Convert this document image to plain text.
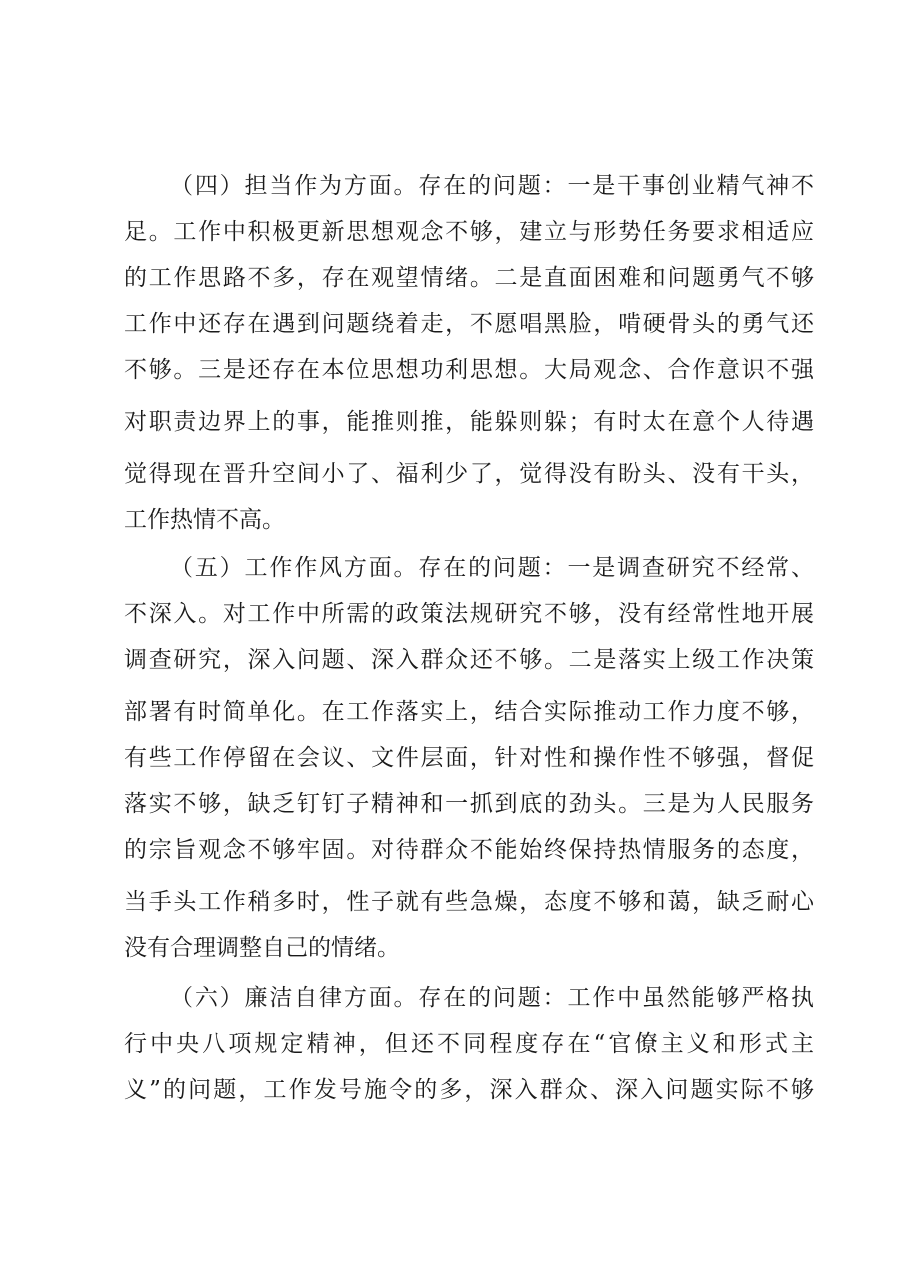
（四）担当作为方面。存在的问题：一是干事创业精气神不
足。工作中积极更新思想观念不够，建立与形势任务要求相适应
的工作思路不多，存在观望情绪。二是直面困难和问题勇气不够
工作中还存在遇到问题绕着走，不愿唱黑脸，啃硬骨头的勇气还
不够。三是还存在本位思想功利思想。大局观念、合作意识不强
对职责边界上的事，能推则推，能躲则躲；有时太在意个人待遇
觉得现在晋升空间小了、福利少了，觉得没有盼头、没有干头，
工作热情不高。
（五）工作作风方面。存在的问题：一是调查研究不经常、
不深入。对工作中所需的政策法规研究不够，没有经常性地开展
调查研究，深入问题、深入群众还不够。二是落实上级工作决策
部署有时简单化。在工作落实上，结合实际推动工作力度不够，
有些工作停留在会议、文件层面，针对性和操作性不够强，督促
落实不够，缺乏钉钉子精神和一抓到底的劲头。三是为人民服务
的宗旨观念不够牢固。对待群众不能始终保持热情服务的态度，
当手头工作稍多时，性子就有些急燥，态度不够和蔼，缺乏耐心
没有合理调整自己的情绪。
（六）廉洁自律方面。存在的问题：工作中虽然能够严格执
行中央八项规定精神，但还不同程度存在“官僚主义和形式主
义”的问题，工作发号施令的多，深入群众、深入问题实际不够
